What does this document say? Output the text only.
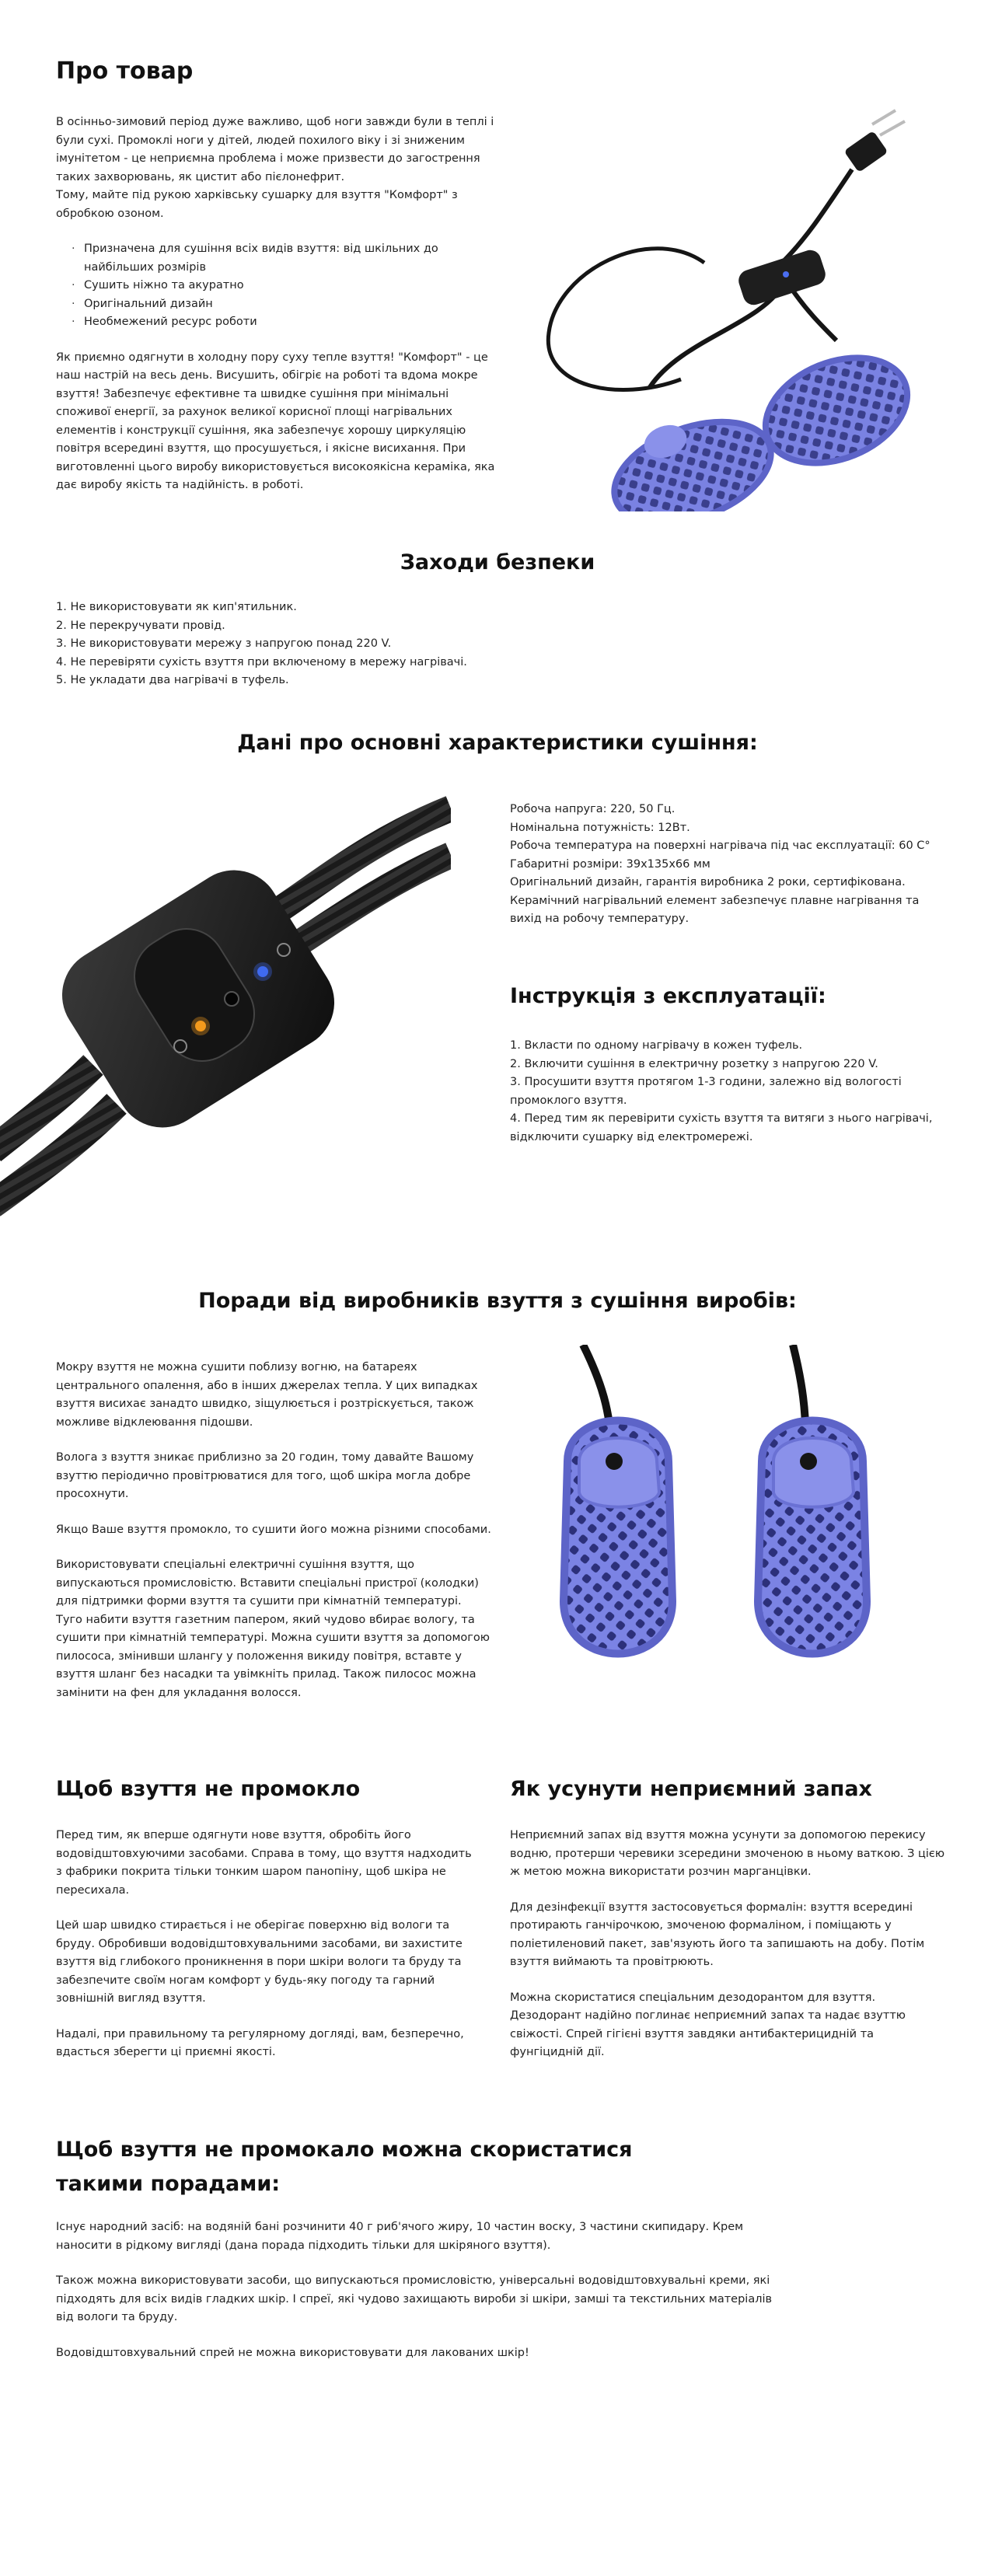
Про товар

В осінньо-зимовий період дуже важливо, щоб ноги завжди були в теплі і були сухі. Промоклі ноги у дітей, людей похилого віку і зі зниженим імунітетом - це неприємна проблема і може призвести до загострення таких захворювань, як цистит або пієлонефрит.

Тому, майте під рукою харківську сушарку для взуття "Комфорт" з обробкою озоном.

· Призначена для сушіння всіх видів взуття: від шкільних до найбільших розмірів
· Сушить ніжно та акуратно
· Оригінальний дизайн
· Необмежений ресурс роботи

Як приємно одягнути в холодну пору суху тепле взуття! "Комфорт" - це наш настрій на весь день. Висушить, обігріє на роботі та вдома мокре взуття! Забезпечує ефективне та швидке сушіння при мінімальні споживої енергії, за рахунок великої корисної площі нагрівальних елементів і конструкції сушіння, яка забезпечує хорошу циркуляцію повітря всередині взуття, що просушується, і якісне висихання. При виготовленні цього виробу використовується високоякісна кераміка, яка дає виробу якість та надійність. в роботі.

Заходи безпеки
1. Не використовувати як кип'ятильник.
2. Не перекручувати провід.
3. Не використовувати мережу з напругою понад 220 V.
4. Не перевіряти сухість взуття при включеному в мережу нагрівачі.
5. Не укладати два нагрівачі в туфель.
Дані про основні характеристики сушіння:
Робоча напруга: 220, 50 Гц.
Номінальна потужність: 12Вт.
Робоча температура на поверхні нагрівача під час експлуатації: 60 С°
Габаритні розміри: 39х135х66 мм
Оригінальний дизайн, гарантія виробника 2 роки, сертифікована.
Керамічний нагрівальний елемент забезпечує плавне нагрівання та вихід на робочу температуру.
Інструкція з експлуатації:
1. Вкласти по одному нагрівачу в кожен туфель.
2. Включити сушіння в електричну розетку з напругою 220 V.
3. Просушити взуття протягом 1-3 години, залежно від вологості промоклого взуття.
4. Перед тим як перевірити сухість взуття та витяги з нього нагрівачі, відключити сушарку від електромережі.
Поради від виробників взуття з сушіння виробів:

Мокру взуття не можна сушити поблизу вогню, на батареях центрального опалення, або в інших джерелах тепла. У цих випадках взуття висихає занадто швидко, зіщулюється і розтріскується, також можливе відклеювання підошви.

Волога з взуття зникає приблизно за 20 годин, тому давайте Вашому взуттю періодично провітрюватися для того, щоб шкіра могла добре просохнути.

Якщо Ваше взуття промокло, то сушити його можна різними способами.

Використовувати спеціальні електричні сушіння взуття, що випускаються промисловістю. Вставити спеціальні пристрої (колодки) для підтримки форми взуття та сушити при кімнатній температурі. Туго набити взуття газетним папером, який чудово вбирає вологу, та сушити при кімнатній температурі. Можна сушити взуття за допомогою пилососа, змінивши шлангу у положення викиду повітря, вставте у взуття шланг без насадки та увімкніть прилад. Також пилосос можна замінити на фен для укладання волосся.

Щоб взуття не промокло

Перед тим, як вперше одягнути нове взуття, обробіть його водовідштовхуючими засобами. Справа в тому, що взуття надходить з фабрики покрита тільки тонким шаром панопіну, щоб шкіра не пересихала.

Цей шар швидко стирається і не оберігає поверхню від вологи та бруду. Обробивши водовідштовхувальними засобами, ви захистите взуття від глибокого проникнення в пори шкіри вологи та бруду та забезпечите своїм ногам комфорт у будь-яку погоду та гарний зовнішній вигляд взуття.

Надалі, при правильному та регулярному догляді, вам, безперечно, вдасться зберегти ці приємні якості.

Як усунути неприємний запах

Неприємний запах від взуття можна усунути за допомогою перекису водню, протерши черевики зсередини змоченою в ньому ваткою. З цією ж метою можна використати розчин марганцівки.

Для дезінфекції взуття застосовується формалін: взуття всередині протирають ганчірочкою, змоченою формаліном, і поміщають у поліетиленовий пакет, зав'язують його та запишають на добу. Потім взуття виймають та провітрюють.

Можна скористатися спеціальним дезодорантом для взуття. Дезодорант надійно поглинає неприємний запах та надає взуттю свіжості. Спрей гігієні взуття завдяки антибактерицидній та фунгіцидній дії.

Щоб взуття не промокало можна скористатися такими порадами:

Існує народний засіб: на водяній бані розчинити 40 г риб'ячого жиру, 10 частин воску, 3 частини скипидару. Крем наносити в рідкому вигляді (дана порада підходить тільки для шкіряного взуття).

Також можна використовувати засоби, що випускаються промисловістю, універсальні водовідштовхувальні креми, які підходять для всіх видів гладких шкір. І спреї, які чудово захищають вироби зі шкіри, замші та текстильних матеріалів від вологи та бруду.

Водовідштовхувальний спрей не можна використовувати для лакованих шкір!
